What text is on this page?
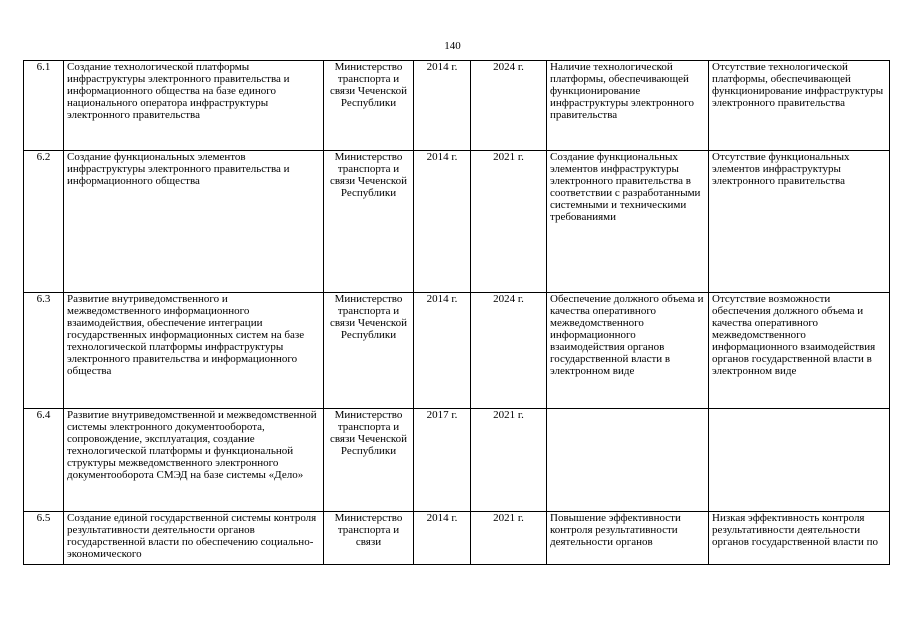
140
6.1	Создание технологической платформы инфраструктуры электронного правительства и информационного общества на базе единого национального оператора инфраструктуры электронного правительства	Министерство транспорта и связи Чеченской Республики	2014 г.	2024 г.	Наличие технологической платформы, обеспечивающей функционирование инфраструктуры электронного правительства	Отсутствие технологической платформы, обеспечивающей функционирование инфраструктуры электронного правительства
6.2	Создание функциональных элементов инфраструктуры электронного правительства и информационного общества	Министерство транспорта и связи Чеченской Республики	2014 г.	2021 г.	Создание функциональных элементов инфраструктуры электронного правительства в соответствии с разработанными системными и техническими требованиями	Отсутствие функциональных элементов инфраструктуры электронного правительства
6.3	Развитие внутриведомственного и межведомственного информационного взаимодействия, обеспечение интеграции государственных информационных систем на базе технологической платформы инфраструктуры электронного правительства и информационного общества	Министерство транспорта и связи Чеченской Республики	2014 г.	2024 г.	Обеспечение должного объема и качества оперативного межведомственного информационного взаимодействия органов государственной власти в электронном виде	Отсутствие возможности обеспечения должного объема и качества оперативного межведомственного информационного взаимодействия органов государственной власти в электронном виде
6.4	Развитие внутриведомственной и межведомственной системы электронного документооборота, сопровождение, эксплуатация, создание технологической платформы и функциональной структуры межведомственного электронного документооборота СМЭД на базе системы «Дело»	Министерство транспорта и связи Чеченской Республики	2017 г.	2021 г.		
6.5	Создание единой государственной системы контроля результативности деятельности органов государственной власти по обеспечению социально-экономического	Министерство транспорта и связи	2014 г.	2021 г.	Повышение эффективности контроля результативности деятельности органов	Низкая эффективность контроля результативности деятельности органов государственной власти по
